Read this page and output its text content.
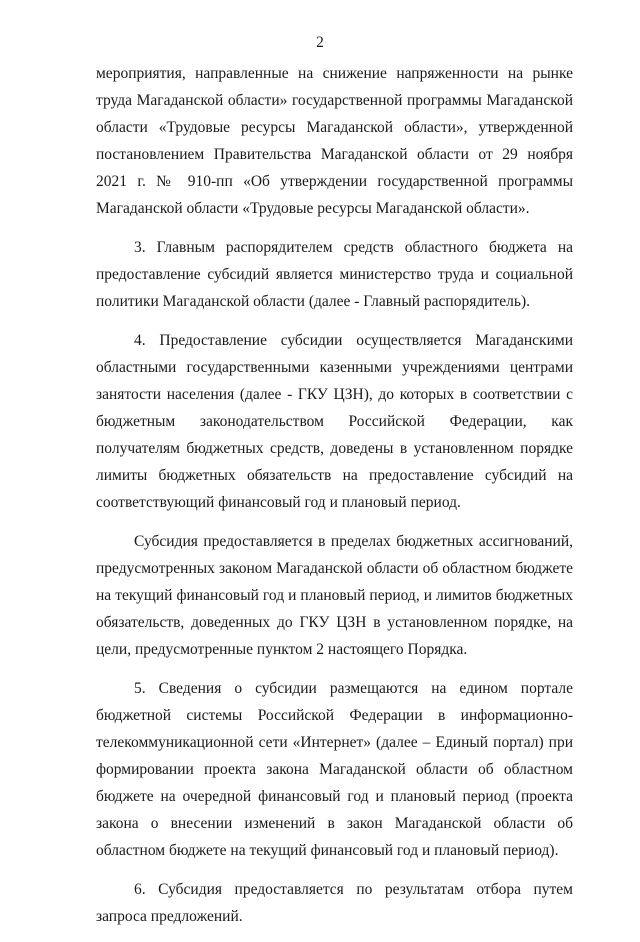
2

мероприятия, направленные на снижение напряженности на рынке труда Магаданской области» государственной программы Магаданской области «Трудовые ресурсы Магаданской области», утвержденной постановлением Правительства Магаданской области от 29 ноября 2021 г. № 910-пп «Об утверждении государственной программы Магаданской области «Трудовые ресурсы Магаданской области».

3. Главным распорядителем средств областного бюджета на предоставление субсидий является министерство труда и социальной политики Магаданской области (далее - Главный распорядитель).

4. Предоставление субсидии осуществляется Магаданскими областными государственными казенными учреждениями центрами занятости населения (далее - ГКУ ЦЗН), до которых в соответствии с бюджетным законодательством Российской Федерации, как получателям бюджетных средств, доведены в установленном порядке лимиты бюджетных обязательств на предоставление субсидий на соответствующий финансовый год и плановый период.

Субсидия предоставляется в пределах бюджетных ассигнований, предусмотренных законом Магаданской области об областном бюджете на текущий финансовый год и плановый период, и лимитов бюджетных обязательств, доведенных до ГКУ ЦЗН в установленном порядке, на цели, предусмотренные пунктом 2 настоящего Порядка.

5. Сведения о субсидии размещаются на едином портале бюджетной системы Российской Федерации в информационно-телекоммуникационной сети «Интернет» (далее – Единый портал) при формировании проекта закона Магаданской области об областном бюджете на очередной финансовый год и плановый период (проекта закона о внесении изменений в закон Магаданской области об областном бюджете на текущий финансовый год и плановый период).

6. Субсидия предоставляется по результатам отбора путем запроса предложений.
